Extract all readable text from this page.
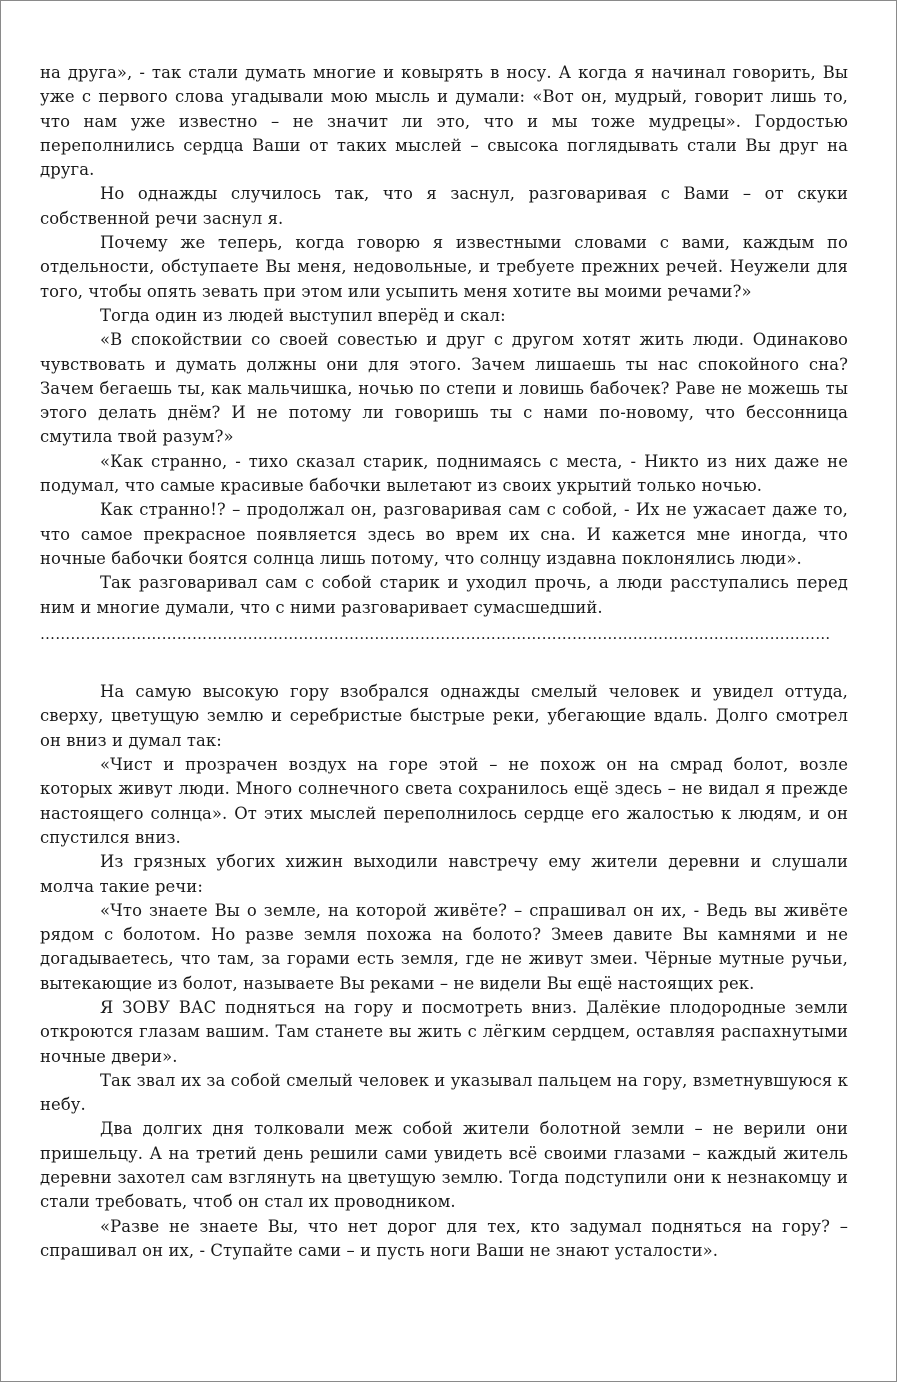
на друга», - так стали думать многие и ковырять в носу. А когда я начинал говорить, Вы уже с первого слова угадывали мою мысль и думали: «Вот он, мудрый, говорит лишь то, что нам уже известно – не значит ли это, что и мы тоже мудрецы». Гордостью переполнились сердца Ваши от таких мыслей – свысока поглядывать стали Вы друг на друга.

Но однажды случилось так, что я заснул, разговаривая с Вами – от скуки собственной речи заснул я.

Почему же теперь, когда говорю я известными словами с вами, каждым по отдельности, обступаете Вы меня, недовольные, и требуете прежних речей. Неужели для того, чтобы опять зевать при этом или усыпить меня хотите вы моими речами?»

Тогда один из людей выступил вперёд и скал:

«В спокойствии со своей совестью и друг с другом хотят жить люди. Одинаково чувствовать и думать должны они для этого. Зачем лишаешь ты нас спокойного сна? Зачем бегаешь ты, как мальчишка, ночью по степи и ловишь бабочек? Раве не можешь ты этого делать днём? И не потому ли говоришь ты с нами по-новому, что бессонница смутила твой разум?»

«Как странно, - тихо сказал старик, поднимаясь с места, - Никто из них даже не подумал, что самые красивые бабочки вылетают из своих укрытий только ночью.

Как странно!? – продолжал он, разговаривая сам с собой, - Их не ужасает даже то, что самое прекрасное появляется здесь во врем их сна. И кажется мне иногда, что ночные бабочки боятся солнца лишь потому, что солнцу издавна поклонялись люди».

Так разговаривал сам с собой старик и уходил прочь, а люди расступались перед ним и многие думали, что с ними разговаривает сумасшедший.

…………………………………………………………………………………………………………………………………………

На самую высокую гору взобрался однажды смелый человек и увидел оттуда, сверху, цветущую землю и серебристые быстрые реки, убегающие вдаль. Долго смотрел он вниз и думал так:

«Чист и прозрачен воздух на горе этой – не похож он на смрад болот, возле которых живут люди. Много солнечного света сохранилось ещё здесь – не видал я прежде настоящего солнца». От этих мыслей переполнилось сердце его жалостью к людям, и он спустился вниз.

Из грязных убогих хижин выходили навстречу ему жители деревни и слушали молча такие речи:

«Что знаете Вы о земле, на которой живёте? – спрашивал он их, - Ведь вы живёте рядом с болотом. Но разве земля похожа на болото? Змеев давите Вы камнями и не догадываетесь, что там, за горами есть земля, где не живут змеи. Чёрные мутные ручьи, вытекающие из болот, называете Вы реками – не видели Вы ещё настоящих рек.

Я ЗОВУ ВАС подняться на гору и посмотреть вниз. Далёкие плодородные земли откроются глазам вашим. Там станете вы жить с лёгким сердцем, оставляя распахнутыми ночные двери».

Так звал их за собой смелый человек и указывал пальцем на гору, взметнувшуюся к небу.

Два долгих дня толковали меж собой жители болотной земли – не верили они пришельцу. А на третий день решили сами увидеть всё своими глазами – каждый житель деревни захотел сам взглянуть на цветущую землю. Тогда подступили они к незнакомцу и стали требовать, чтоб он стал их проводником.

«Разве не знаете Вы, что нет дорог для тех, кто задумал подняться на гору? – спрашивал он их, - Ступайте сами – и пусть ноги Ваши не знают усталости».
